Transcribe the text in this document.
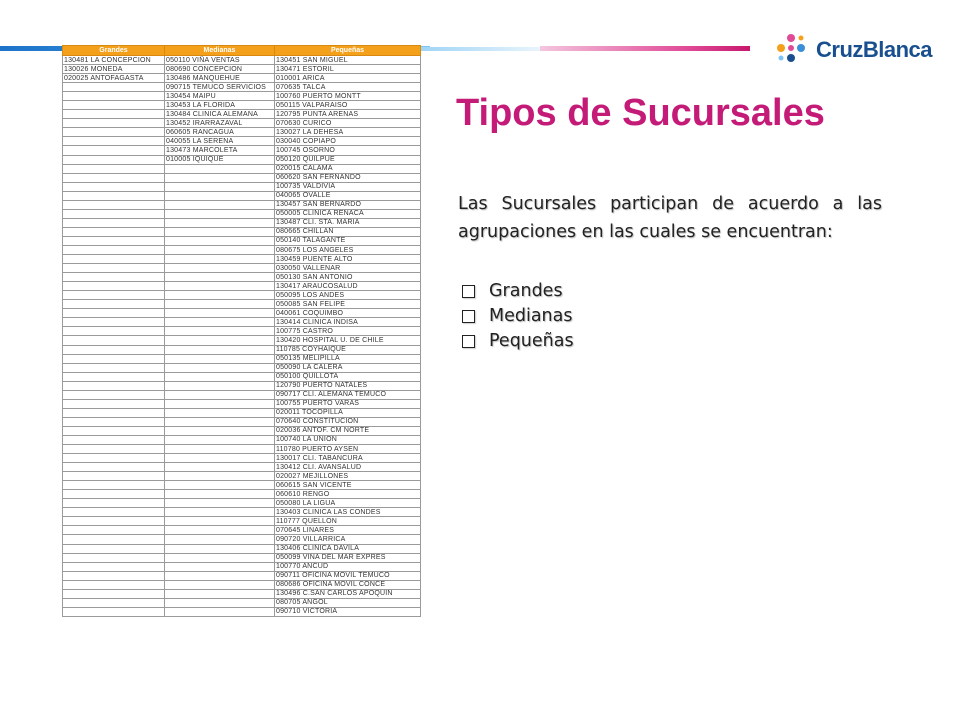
CruzBlanca
Grandes	Medianas	Pequeñas
130481 LA CONCEPCION	050110 VIÑA VENTAS	130451 SAN MIGUEL
130026 MONEDA	080690 CONCEPCION	130471 ESTORIL
020025 ANTOFAGASTA	130486 MANQUEHUE	010001 ARICA
	090715 TEMUCO SERVICIOS	070635 TALCA
	130454 MAIPU	100760 PUERTO MONTT
	130453 LA FLORIDA	050115 VALPARAISO
	130484 CLINICA ALEMANA	120795 PUNTA ARENAS
	130452 IRARRAZAVAL	070630 CURICO
	060605 RANCAGUA	130027 LA DEHESA
	040055 LA SERENA	030040 COPIAPO
	130473 MARCOLETA	100745 OSORNO
	010005 IQUIQUE	050120 QUILPUE
		020015 CALAMA
		060620 SAN FERNANDO
		100735 VALDIVIA
		040065 OVALLE
		130457 SAN BERNARDO
		050005 CLINICA REÑACA
		130487 CLI. STA. MARIA
		080665 CHILLAN
		050140 TALAGANTE
		080675 LOS ANGELES
		130459 PUENTE ALTO
		030050 VALLENAR
		050130 SAN ANTONIO
		130417 ARAUCOSALUD
		050095 LOS ANDES
		050085 SAN FELIPE
		040061 COQUIMBO
		130414 CLINICA INDISA
		100775 CASTRO
		130420 HOSPITAL U. DE CHILE
		110785 COYHAIQUE
		050135 MELIPILLA
		050090 LA CALERA
		050100 QUILLOTA
		120790 PUERTO NATALES
		090717 CLI. ALEMANA TEMUCO
		100755 PUERTO VARAS
		020011 TOCOPILLA
		070640 CONSTITUCION
		020036 ANTOF. CM NORTE
		100740 LA UNION
		110780 PUERTO AYSEN
		130017 CLI. TABANCURA
		130412 CLI. AVANSALUD
		020027 MEJILLONES
		060615 SAN VICENTE
		060610 RENGO
		050080 LA LIGUA
		130403 CLINICA LAS CONDES
		110777 QUELLON
		070645 LINARES
		090720 VILLARRICA
		130406 CLINICA DAVILA
		050099 VIÑA DEL MAR EXPRES
		100770 ANCUD
		090711 OFICINA MOVIL TEMUCO
		080686 OFICINA MOVIL CONCE
		130496 C.SAN CARLOS APOQUIN
		080705 ANGOL
		090710 VICTORIA
Tipos de Sucursales
Las Sucursales participan de acuerdo a las agrupaciones en las cuales se encuentran:
Grandes
Medianas
Pequeñas
